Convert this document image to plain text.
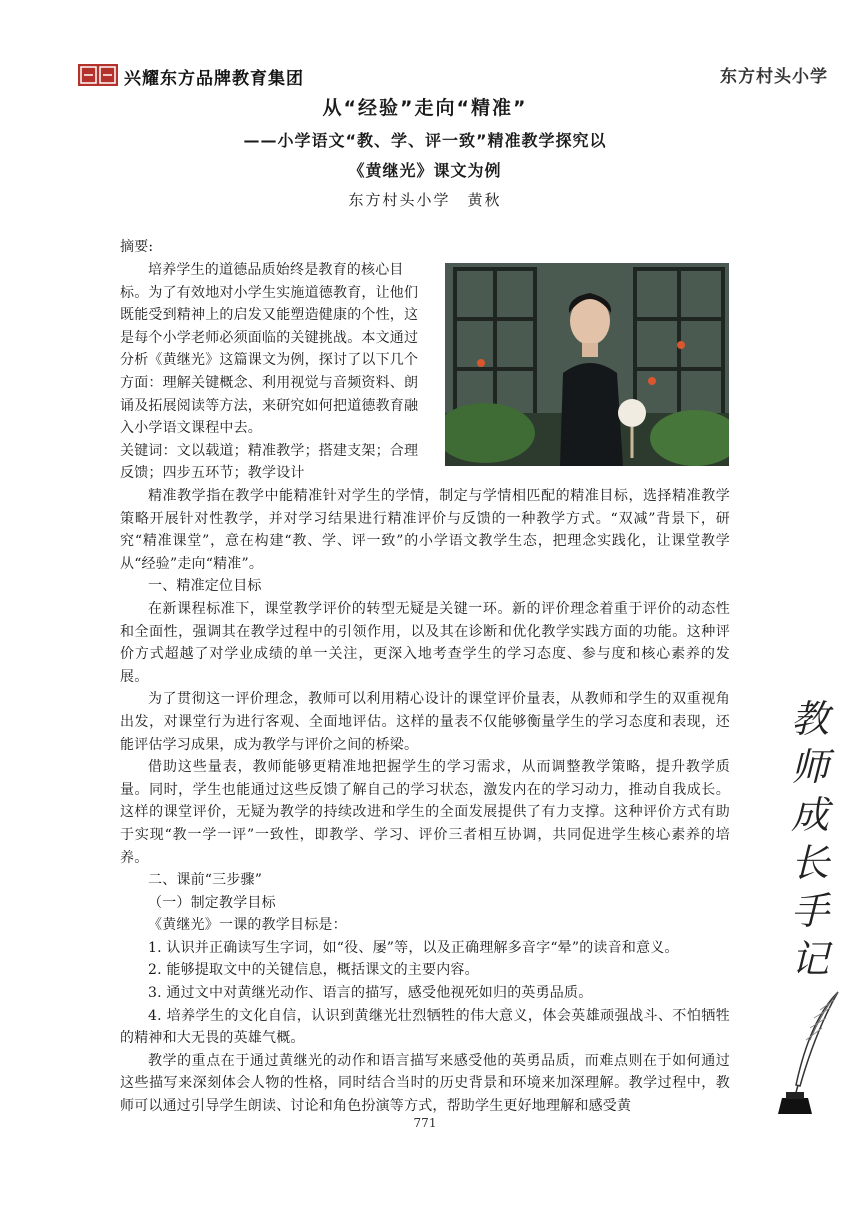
兴耀东方品牌教育集团	东方村头小学
从“经验”走向“精准”
——小学语文“教、学、评一致”精准教学探究以
《黄继光》课文为例
东方村头小学　黄秋
摘要:

培养学生的道德品质始终是教育的核心目

标。为了有效地对小学生实施道德教育，让他们

既能受到精神上的启发又能塑造健康的个性，这

是每个小学老师必须面临的关键挑战。本文通过

分析《黄继光》这篇课文为例，探讨了以下几个

方面：理解关键概念、利用视觉与音频资料、朗

诵及拓展阅读等方法，来研究如何把道德教育融

入小学语文课程中去。

关键词：文以载道；精准教学；搭建支架；合理

反馈；四步五环节；教学设计

精准教学指在教学中能精准针对学生的学情，制定与学情相匹配的精准目标，选择精准教学策略开展针对性教学，并对学习结果进行精准评价与反馈的一种教学方式。“双减”背景下，研究“精准课堂”，意在构建“教、学、评一致”的小学语文教学生态，把理念实践化，让课堂教学从“经验”走向“精准”。

一、精准定位目标

在新课程标准下，课堂教学评价的转型无疑是关键一环。新的评价理念着重于评价的动态性和全面性，强调其在教学过程中的引领作用，以及其在诊断和优化教学实践方面的功能。这种评价方式超越了对学业成绩的单一关注，更深入地考查学生的学习态度、参与度和核心素养的发展。

为了贯彻这一评价理念，教师可以利用精心设计的课堂评价量表，从教师和学生的双重视角出发，对课堂行为进行客观、全面地评估。这样的量表不仅能够衡量学生的学习态度和表现，还能评估学习成果，成为教学与评价之间的桥梁。

借助这些量表，教师能够更精准地把握学生的学习需求，从而调整教学策略，提升教学质量。同时，学生也能通过这些反馈了解自己的学习状态，激发内在的学习动力，推动自我成长。这样的课堂评价，无疑为教学的持续改进和学生的全面发展提供了有力支撑。这种评价方式有助于实现“教一学一评”一致性，即教学、学习、评价三者相互协调，共同促进学生核心素养的培养。

二、课前“三步骤”

（一）制定教学目标

《黄继光》一课的教学目标是：

1. 认识并正确读写生字词，如“役、屡”等，以及正确理解多音字“晕”的读音和意义。

2. 能够提取文中的关键信息，概括课文的主要内容。

3. 通过文中对黄继光动作、语言的描写，感受他视死如归的英勇品质。

4. 培养学生的文化自信，认识到黄继光壮烈牺牲的伟大意义，体会英雄顽强战斗、不怕牺牲的精神和大无畏的英雄气概。

教学的重点在于通过黄继光的动作和语言描写来感受他的英勇品质，而难点则在于如何通过这些描写来深刻体会人物的性格，同时结合当时的历史背景和环境来加深理解。教学过程中，教师可以通过引导学生朗读、讨论和角色扮演等方式，帮助学生更好地理解和感受黄

771
教
师
成
长
手
记
